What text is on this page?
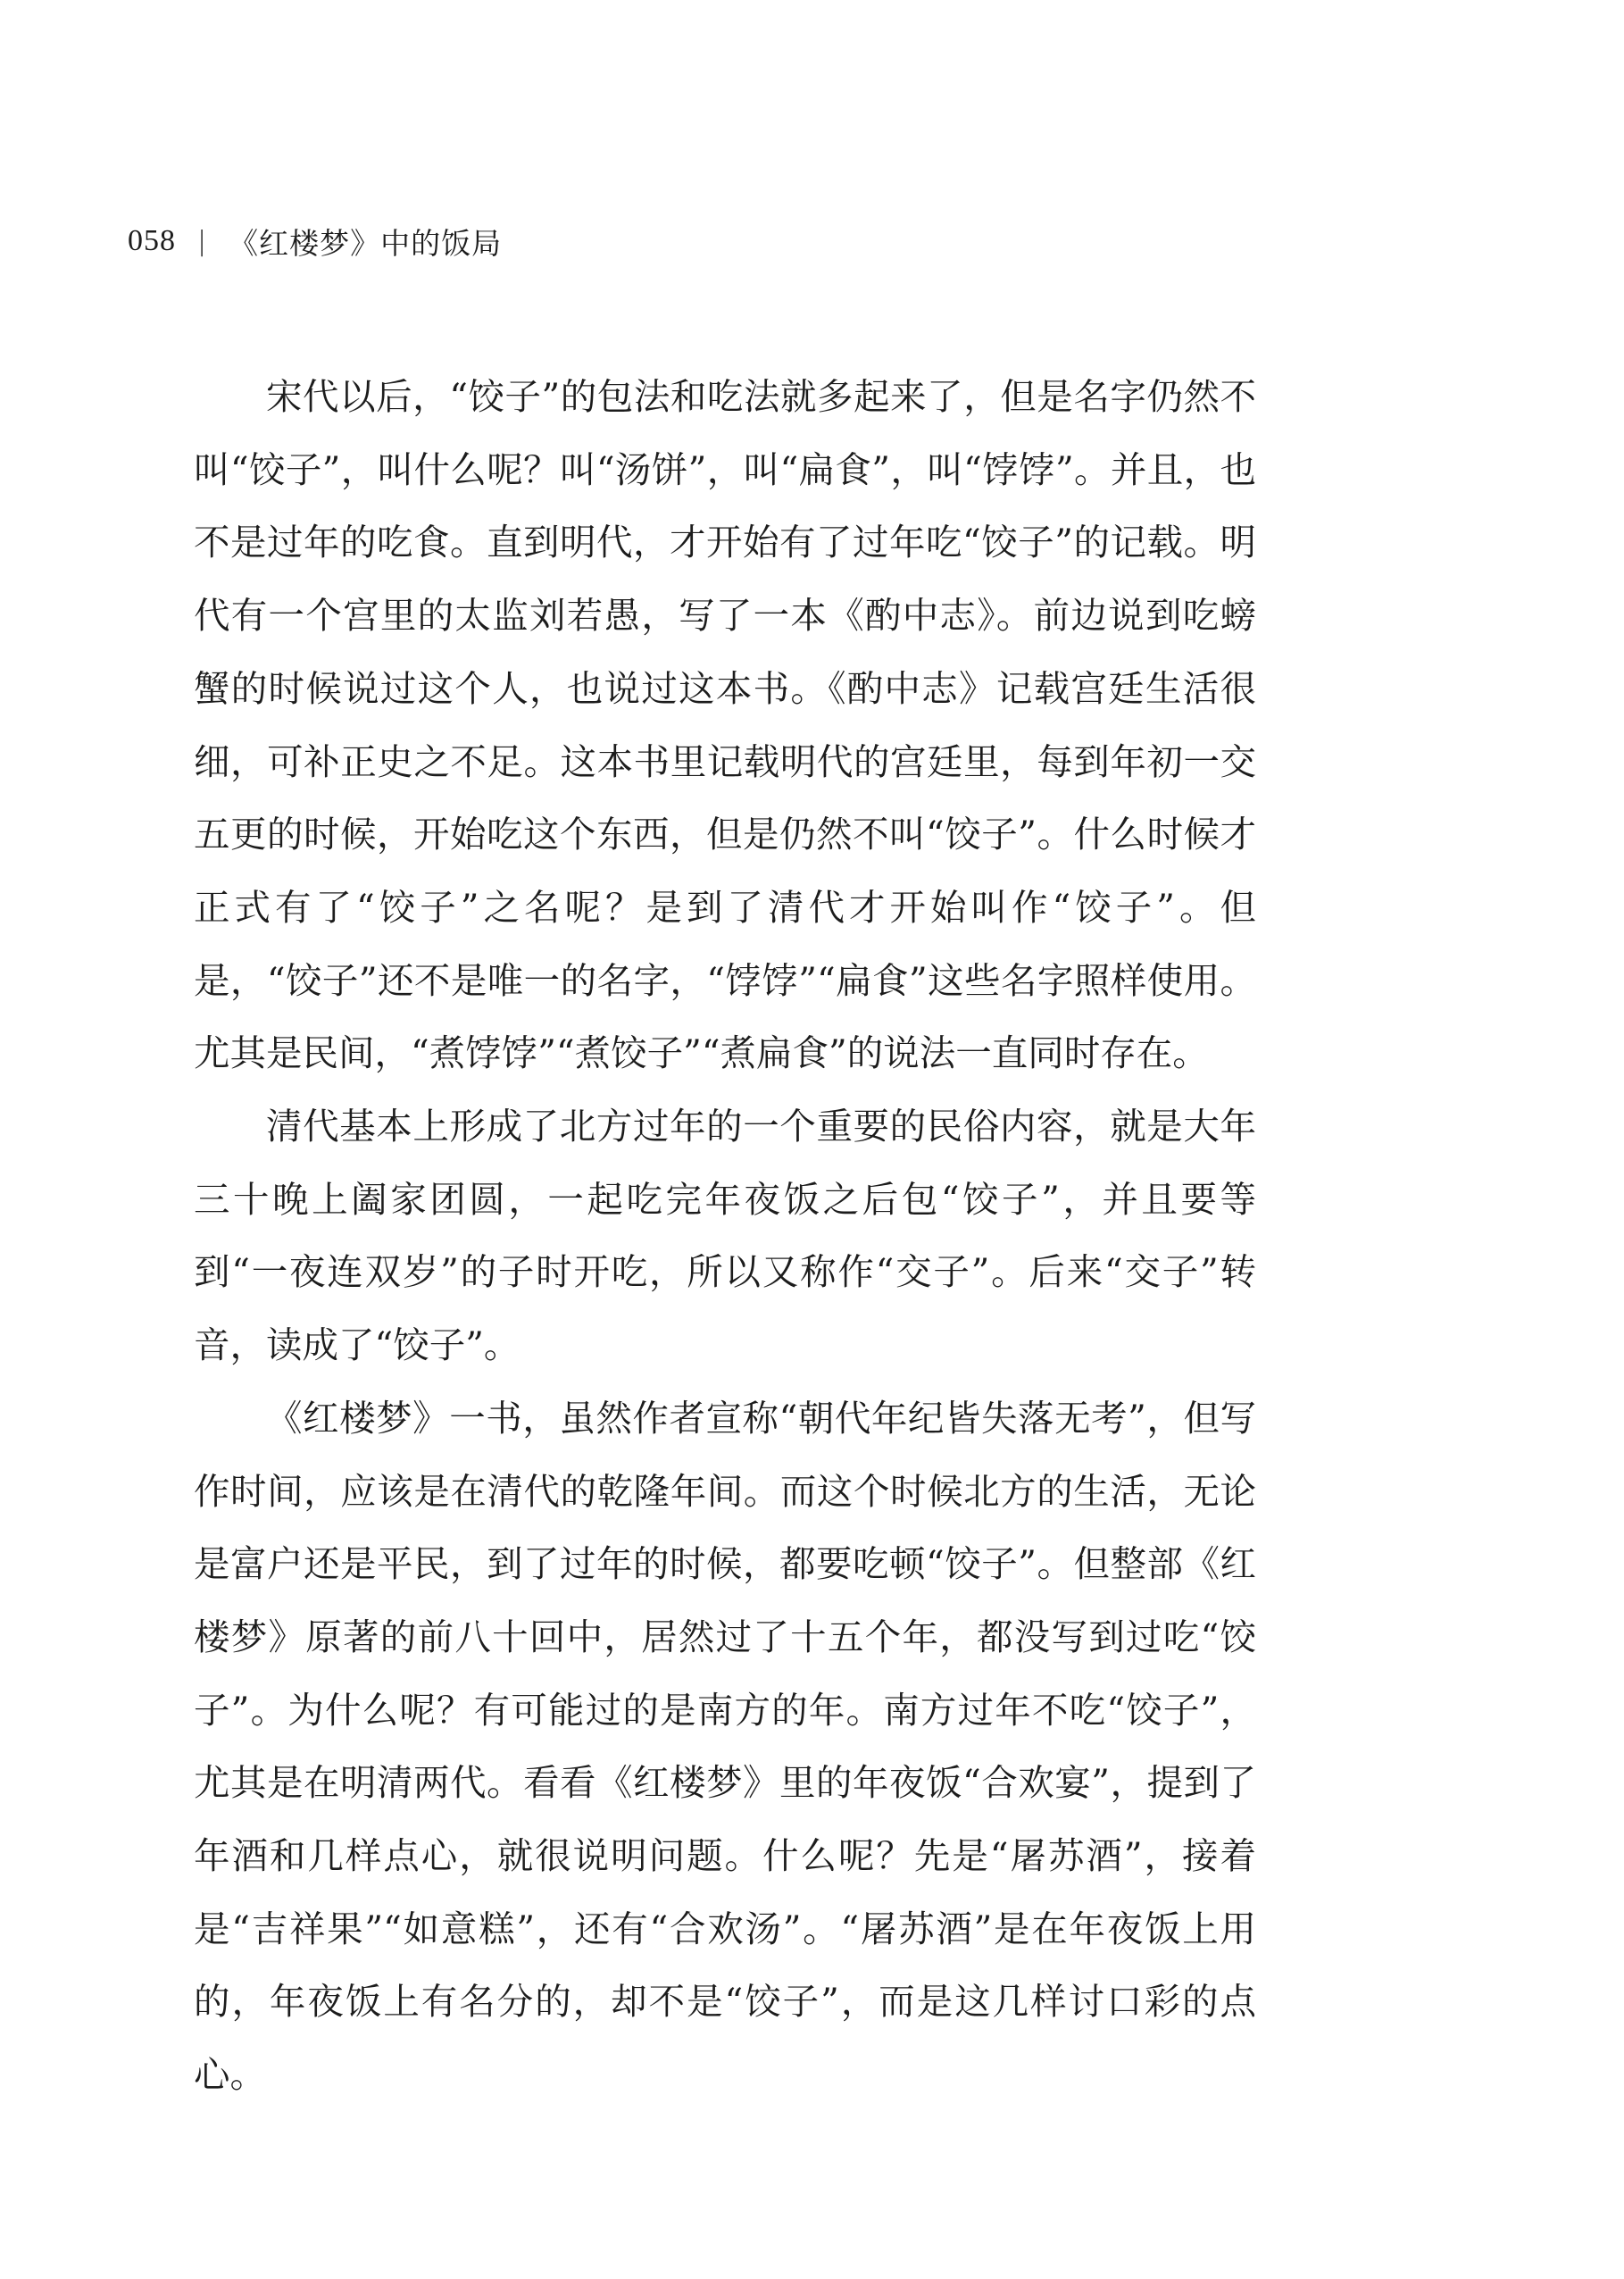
058 | 《红楼梦》中的饭局

宋代以后，“饺子”的包法和吃法就多起来了，但是名字仍然不叫“饺子”，叫什么呢？叫“汤饼”，叫“扁食”，叫“饽饽”。并且，也不是过年的吃食。直到明代，才开始有了过年吃“饺子”的记载。明代有一个宫里的太监刘若愚，写了一本《酌中志》。前边说到吃螃蟹的时候说过这个人，也说过这本书。《酌中志》记载宫廷生活很细，可补正史之不足。这本书里记载明代的宫廷里，每到年初一交五更的时候，开始吃这个东西，但是仍然不叫“饺子”。什么时候才正式有了“饺子”之名呢？是到了清代才开始叫作“饺子”。但是，“饺子”还不是唯一的名字，“饽饽”“扁食”这些名字照样使用。尤其是民间，“煮饽饽”“煮饺子”“煮扁食”的说法一直同时存在。

清代基本上形成了北方过年的一个重要的民俗内容，就是大年三十晚上阖家团圆，一起吃完年夜饭之后包“饺子”，并且要等到“一夜连双岁”的子时开吃，所以又称作“交子”。后来“交子”转音，读成了“饺子”。

《红楼梦》一书，虽然作者宣称“朝代年纪皆失落无考”，但写作时间，应该是在清代的乾隆年间。而这个时候北方的生活，无论是富户还是平民，到了过年的时候，都要吃顿“饺子”。但整部《红楼梦》原著的前八十回中，居然过了十五个年，都没写到过吃“饺子”。为什么呢？有可能过的是南方的年。南方过年不吃“饺子”，尤其是在明清两代。看看《红楼梦》里的年夜饭“合欢宴”，提到了年酒和几样点心，就很说明问题。什么呢？先是“屠苏酒”，接着是“吉祥果”“如意糕”，还有“合欢汤”。“屠苏酒”是在年夜饭上用的，年夜饭上有名分的，却不是“饺子”，而是这几样讨口彩的点心。
